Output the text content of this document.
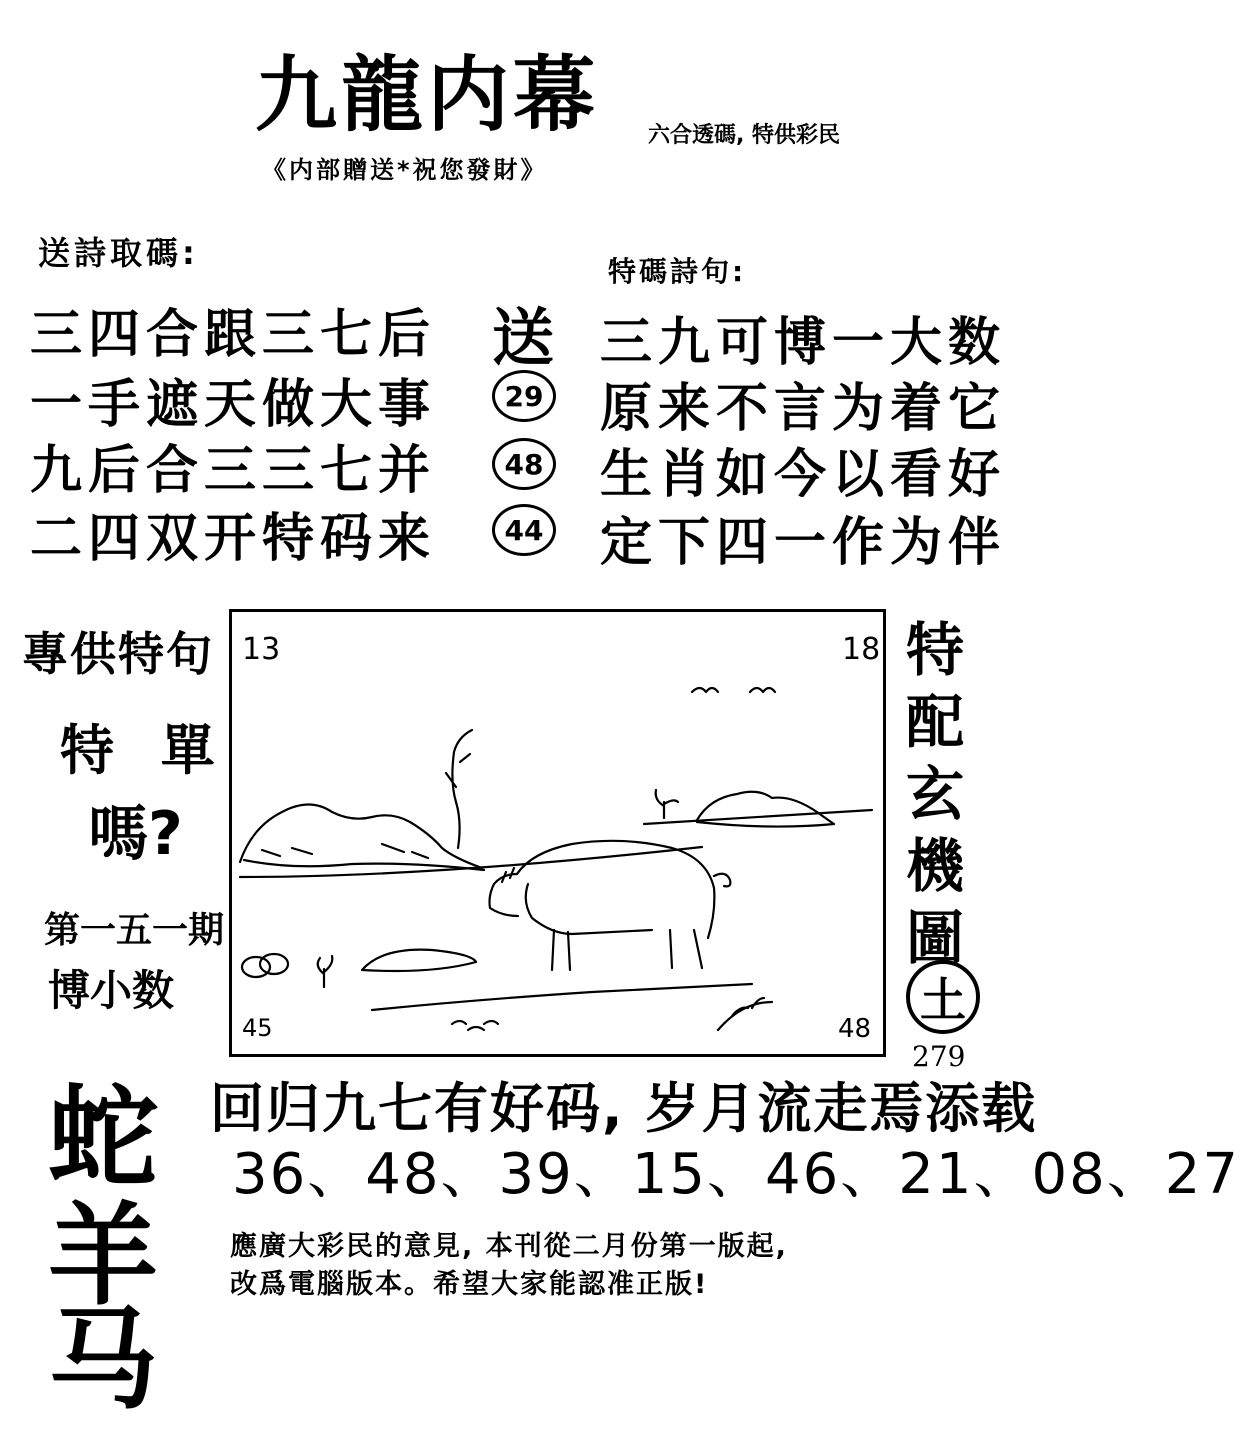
九龍内幕 六合透碼, 特供彩民
《内部贈送*祝您發財》
送詩取碼:
三四合跟三七后
一手遮天做大事
九后合三三七并
二四双开特码来
送
29
48
44
特碼詩句:
三九可博一大数
原来不言为着它
生肖如今以看好
定下四一作为伴
專供特句
特 單
嗎?
第一五一期
博小数
13	18
45	48
特配玄機圖
土
279
回归九七有好码, 岁月流走焉添载
36、48、39、15、46、21、08、27
蛇
羊
马
應廣大彩民的意見, 本刊從二月份第一版起,
改爲電腦版本。希望大家能認准正版!
